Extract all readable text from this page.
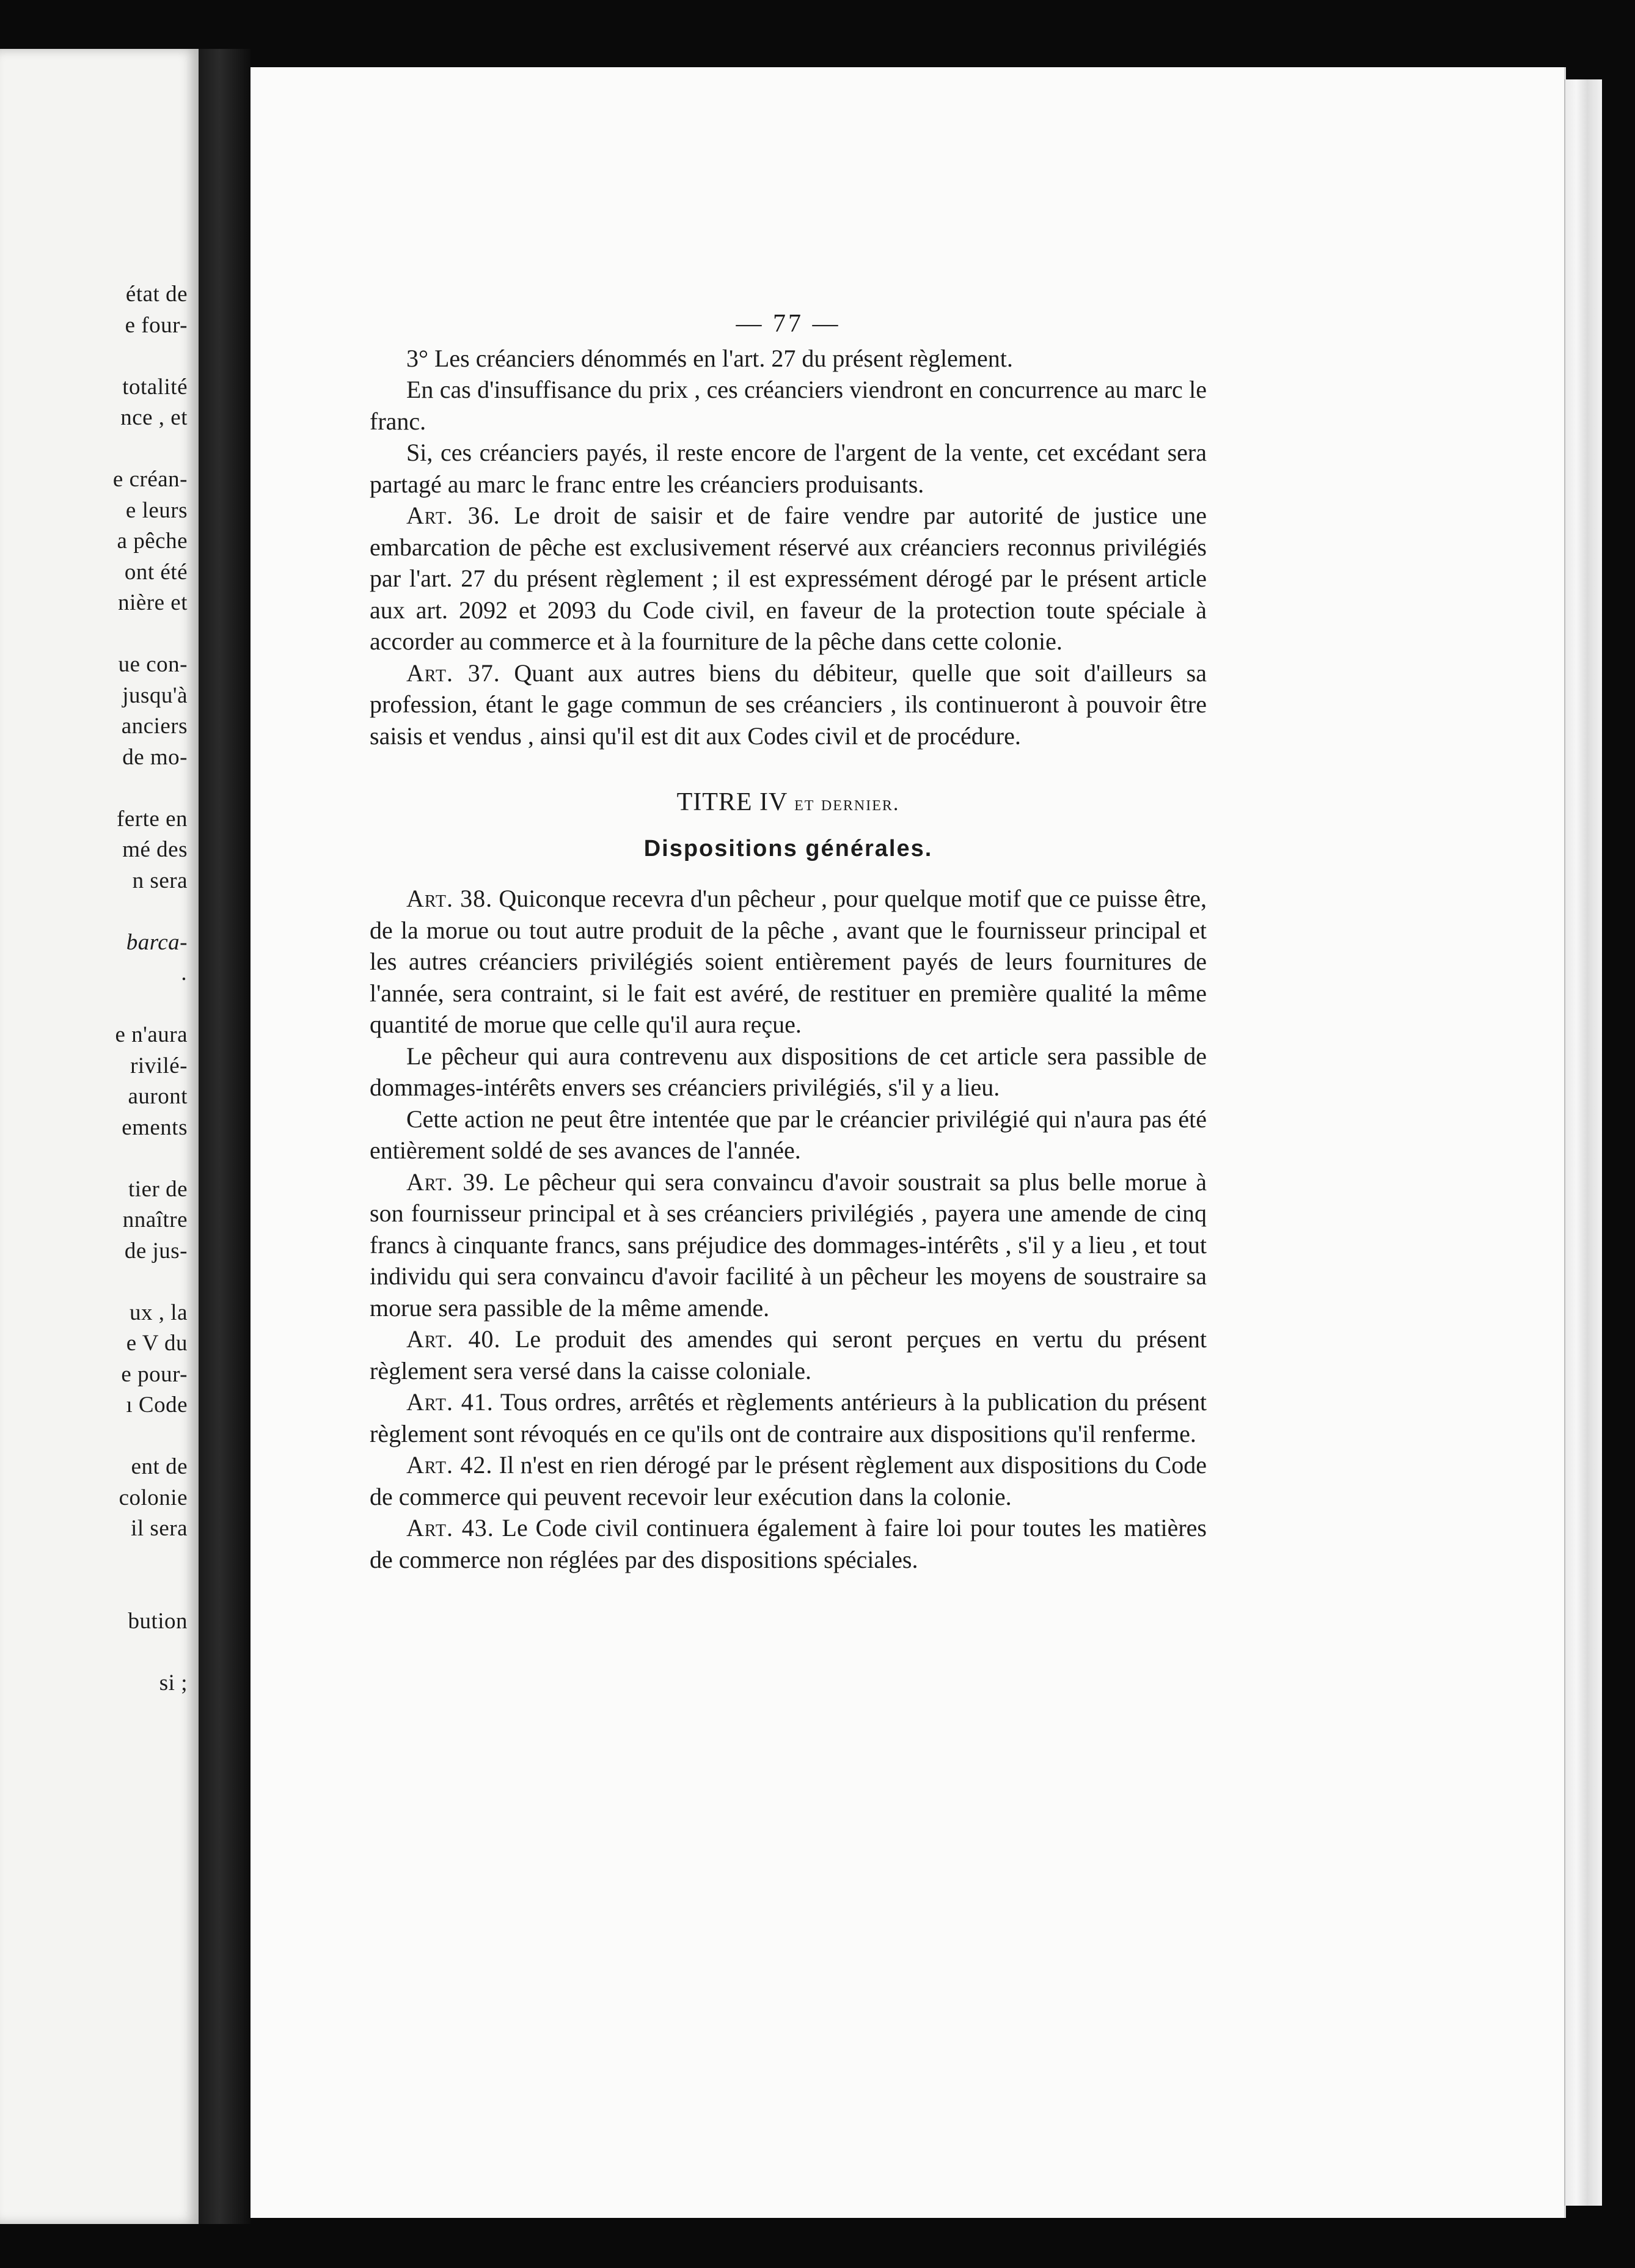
état de
e four-
totalité
nce , et
e créan-
e leurs
a pêche
ont été
nière et
ue con-
jusqu'à
anciers
de mo-
ferte en
mé des
n sera
barca-
.
e n'aura
rivilé-
auront
ements
tier de
nnaître
de jus-
ux , la
e V du
e pour-
ı Code
ent de
colonie
il sera
bution
si ;
— 77 —

3° Les créanciers dénommés en l'art. 27 du présent règlement.

En cas d'insuffisance du prix , ces créanciers viendront en concurrence au marc le franc.

Si, ces créanciers payés, il reste encore de l'argent de la vente, cet excédant sera partagé au marc le franc entre les créanciers produisants.

Art. 36. Le droit de saisir et de faire vendre par autorité de justice une embarcation de pêche est exclusivement réservé aux créanciers reconnus privilégiés par l'art. 27 du présent règlement ; il est expressément dérogé par le présent article aux art. 2092 et 2093 du Code civil, en faveur de la protection toute spéciale à accorder au commerce et à la fourniture de la pêche dans cette colonie.

Art. 37. Quant aux autres biens du débiteur, quelle que soit d'ailleurs sa profession, étant le gage commun de ses créanciers , ils continueront à pouvoir être saisis et vendus , ainsi qu'il est dit aux Codes civil et de procédure.

TITRE IV et dernier.
Dispositions générales.

Art. 38. Quiconque recevra d'un pêcheur , pour quelque motif que ce puisse être, de la morue ou tout autre produit de la pêche , avant que le fournisseur principal et les autres créanciers privilégiés soient entièrement payés de leurs fournitures de l'année, sera contraint, si le fait est avéré, de restituer en première qualité la même quantité de morue que celle qu'il aura reçue.

Le pêcheur qui aura contrevenu aux dispositions de cet article sera passible de dommages-intérêts envers ses créanciers privilégiés, s'il y a lieu.

Cette action ne peut être intentée que par le créancier privilégié qui n'aura pas été entièrement soldé de ses avances de l'année.

Art. 39. Le pêcheur qui sera convaincu d'avoir soustrait sa plus belle morue à son fournisseur principal et à ses créanciers privilégiés , payera une amende de cinq francs à cinquante francs, sans préjudice des dommages-intérêts , s'il y a lieu , et tout individu qui sera convaincu d'avoir facilité à un pêcheur les moyens de soustraire sa morue sera passible de la même amende.

Art. 40. Le produit des amendes qui seront perçues en vertu du présent règlement sera versé dans la caisse coloniale.

Art. 41. Tous ordres, arrêtés et règlements antérieurs à la publication du présent règlement sont révoqués en ce qu'ils ont de contraire aux dispositions qu'il renferme.

Art. 42. Il n'est en rien dérogé par le présent règlement aux dispositions du Code de commerce qui peuvent recevoir leur exécution dans la colonie.

Art. 43. Le Code civil continuera également à faire loi pour toutes les matières de commerce non réglées par des dispositions spéciales.
